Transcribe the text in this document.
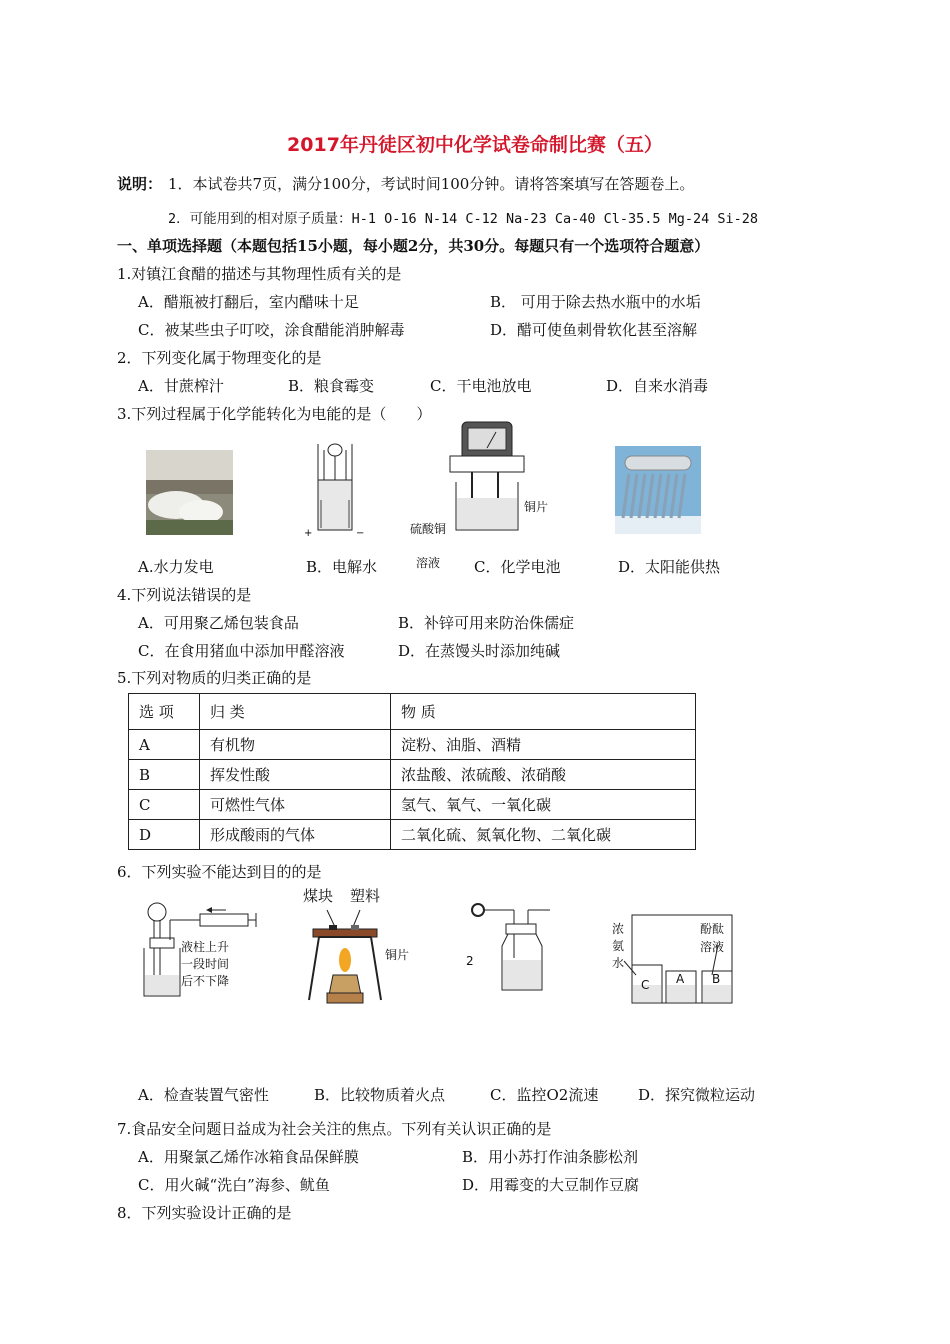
2017年丹徒区初中化学试卷命制比赛（五）
说明： 1．本试卷共7页，满分100分，考试时间100分钟。请将答案填写在答题卷上。
2．可能用到的相对原子质量：H-1 O-16 N-14 C-12 Na-23 Ca-40 Cl-35.5 Mg-24 Si-28
一、单项选择题（本题包括15小题，每小题2分，共30分。每题只有一个选项符合题意）
1.对镇江食醋的描述与其物理性质有关的是
A．醋瓶被打翻后，室内醋味十足	B． 可用于除去热水瓶中的水垢
C．被某些虫子叮咬，涂食醋能消肿解毒	D．醋可使鱼刺骨软化甚至溶解
2．下列变化属于物理变化的是
A．甘蔗榨汁	B．粮食霉变	C．干电池放电	D．自来水消毒
3.下列过程属于化学能转化为电能的是（　　）
+	−
铜片
硫酸铜
溶液
A.水力发电	B．电解水	C．化学电池	D．太阳能供热
4.下列说法错误的是
A．可用聚乙烯包装食品	B．补锌可用来防治侏儒症
C．在食用猪血中添加甲醛溶液	D．在蒸馒头时添加纯碱
5.下列对物质的归类正确的是
选 项	归 类	物 质
A	有机物	淀粉、油脂、酒精
B	挥发性酸	浓盐酸、浓硫酸、浓硝酸
C	可燃性气体	氢气、氧气、一氧化碳
D	形成酸雨的气体	二氧化硫、氮氧化物、二氧化碳
6．下列实验不能达到目的的是
液柱上升
一段时间
后不下降
煤块 塑料
铜片	2
浓
氨
水
酚酞
溶液
C A B
A．检查装置气密性	B．比较物质着火点	C．监控O2流速	D．探究微粒运动
7.食品安全问题日益成为社会关注的焦点。下列有关认识正确的是
A．用聚氯乙烯作冰箱食品保鲜膜	B．用小苏打作油条膨松剂
C．用火碱“洗白”海参、鱿鱼	D．用霉变的大豆制作豆腐
8．下列实验设计正确的是
